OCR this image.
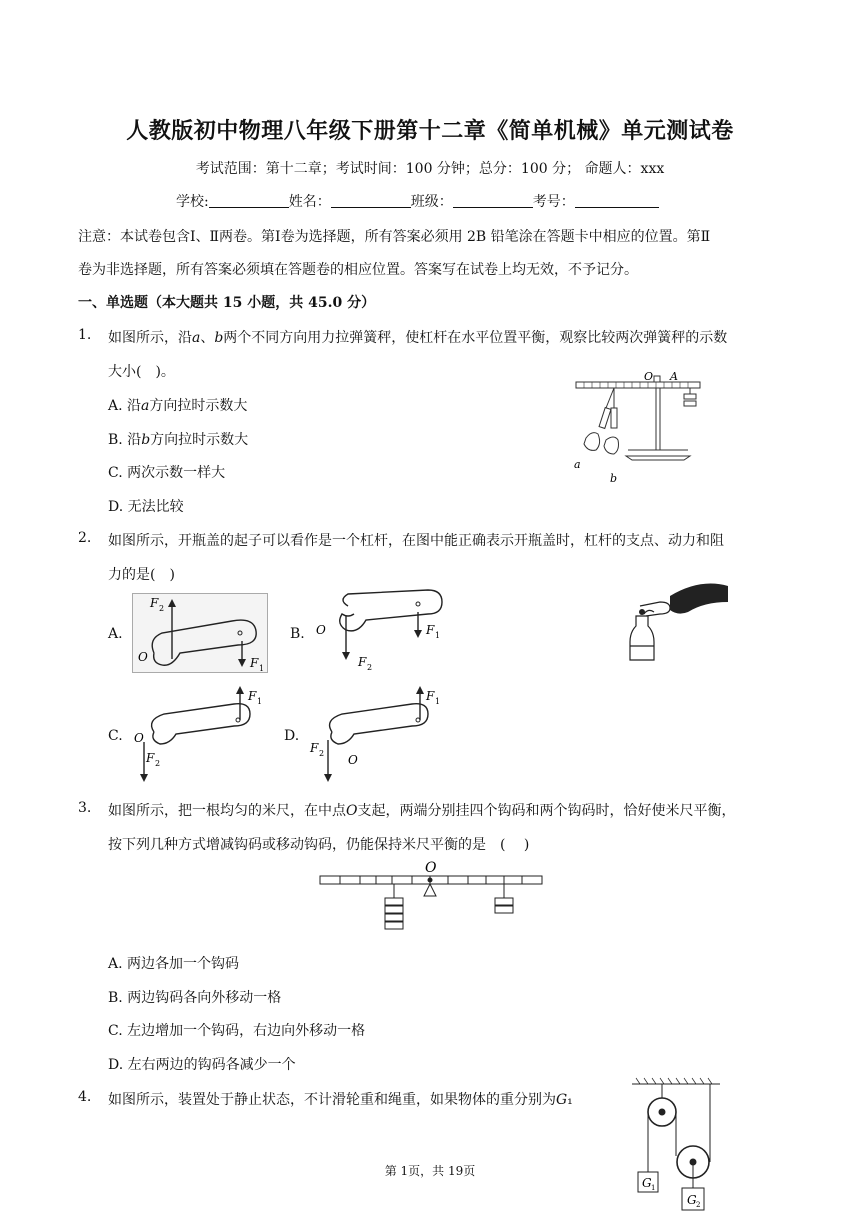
人教版初中物理八年级下册第十二章《简单机械》单元测试卷
考试范围：第十二章；考试时间：100 分钟；总分：100 分； 命题人：xxx
学校:	姓名：	班级：	考号：
注意：本试卷包含Ⅰ、Ⅱ两卷。第Ⅰ卷为选择题，所有答案必须用 2B 铅笔涂在答题卡中相应的位置。第Ⅱ
卷为非选择题，所有答案必须填在答题卷的相应位置。答案写在试卷上均无效，不予记分。
一、单选题（本大题共 15 小题，共 45.0 分）
1. 如图所示，沿𝑎、𝑏两个不同方向用力拉弹簧秤，使杠杆在水平位置平衡，观察比较两次弹簧秤的示数
大小(　)。
A. 沿𝑎方向拉时示数大
B. 沿𝑏方向拉时示数大
C. 两次示数一样大
D. 无法比较
O A
a
b
2. 如图所示，开瓶盖的起子可以看作是一个杠杆，在图中能正确表示开瓶盖时，杠杆的支点、动力和阻
力的是(　)
A.
F 2
O	F 1
B. O	F 1
F 2
C.
F 1
O
F 2
D.
F 1
F 2 O
3. 如图所示，把一根均匀的米尺，在中点𝑂支起，两端分别挂四个钩码和两个钩码时，恰好使米尺平衡，
按下列几种方式增减钩码或移动钩码，仍能保持米尺平衡的是　(　 )
O
A. 两边各加一个钩码
B. 两边钩码各向外移动一格
C. 左边增加一个钩码，右边向外移动一格
D. 左右两边的钩码各减少一个
4. 如图所示，装置处于静止状态，不计滑轮重和绳重，如果物体的重分别为𝐺₁
G 1
G 2
第 1页，共 19页
